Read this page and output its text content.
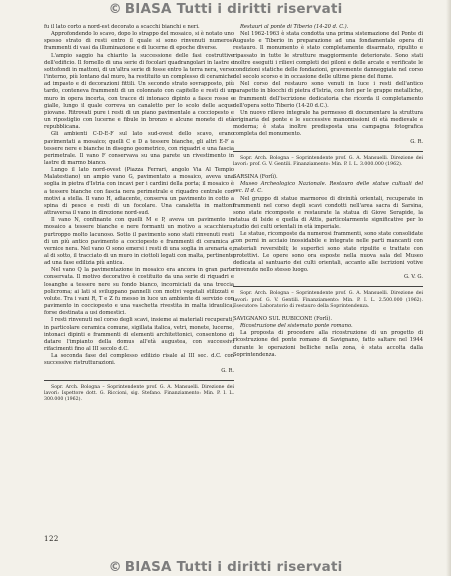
© BIASA Tutti i diritti riservati

fu il lato corto a nord-est decorato a scacchi bianchi e neri.

Approfondendo lo scavo, dopo lo strappo del mosaico, si è notato uno spesso strato di resti entro il quale si sono rinvenuti numerosi frammenti di vasi da illuminazione e di lucerne di epoche diverse.

L'ampio saggio ha chiarito la successione delle fasi costruttive dell'edificio. Il fornello di una serie di focolari quadrangolari in lastre e sottofondi in mattoni, di un'altra serie di fosse entro la terra nera, verso l'interno, più lontano dal muro, ha restituito un complesso di ceramiche ad impasto e di decorazioni fittili. Un secondo strato sovrapposto, più tardo, conteneva frammenti di un colonnato con capitello e resti di un muro in opera incerta, con tracce di intonaco dipinto a fasce rosse e gialle, lungo il quale correva un canaletto per lo scolo delle acque piovane. Ritrovati pure i resti di un piano pavimentale a cocciopesto e un ripostiglio con lucerne e fibule in bronzo e alcune monete di età repubblicana.

Gli ambienti C-D-E-F sul lato sud-ovest dello scavo, erano pavimentati a mosaico; quelli C e D a tessere bianche, gli altri E-F a tessere nere e bianche in disegno geometrico, con riquadri e una fascia perimetrale. Il vano F conservava su una parete un rivestimento in lastre di marmo bianco.

Lungo il lato nord-ovest (Piazza Ferrari, angolo Via Al Tempio Malatestiano) un ampio vano G, pavimentato a mosaico, aveva una soglia in pietra d'Istria con incavi per i cardini della porta; il mosaico è a tessere bianche con fascia nera perimetrale e riquadro centrale con motivi a stella. Il vano H, adiacente, conserva un pavimento in cotto a spina di pesce e resti di un focolare. Una canaletta in mattoni attraversa il vano in direzione nord-sud.

Il vano N, confinante con quelli M e P, aveva un pavimento in mosaico a tessere bianche e nere formanti un motivo a scacchiera, purtroppo molto lacunoso. Sotto il pavimento sono stati rinvenuti resti di un più antico pavimento a cocciopesto e frammenti di ceramica a vernice nera. Nel vano O sono emersi i resti di una soglia in arenaria e, al di sotto, il tracciato di un muro in ciottoli legati con malta, pertinente ad una fase edilizia più antica.

Nel vano Q la pavimentazione in mosaico era ancora in gran parte conservata. Il motivo decorativo è costituito da una serie di riquadri e losanghe a tessere nere su fondo bianco, incorniciati da una treccia policroma; ai lati si sviluppano pannelli con motivi vegetali stilizzati e volute. Tra i vani R, T e Z fu messo in luce un ambiente di servizio con pavimento in cocciopesto e una vaschetta rivestita in malta idraulica, forse destinata a usi domestici.

I resti rinvenuti nel corso degli scavi, insieme ai materiali recuperati, in particolare ceramica comune, sigillata italica, vetri, monete, lucerne, intonaci dipinti e frammenti di elementi architettonici, consentono di datare l'impianto della domus all'età augustea, con successivi rifacimenti fino al III secolo d.C.

La seconda fase del complesso edilizio risale al III sec. d.C. con successive ristrutturazioni.

G. R.

Sopr. Arch. Bologna – Soprintendente prof. G. A. Mansuelli. Direzione dei lavori: Ispettore dott. G. Riccioni, sig. Stefano. Finanziamento: Min. P. I. L. 300.000 (1962).

Restauri al ponte di Tiberio (14-20 d. C.).

Nel 1962-1963 è stata condotta una prima sistemazione del Ponte di Augusto e Tiberio in preparazione ad una fondamentale opera di restauro. Il monumento è stato completamente disarmato, ripulito e ripassato in tutte le strutture maggiormente deteriorate. Sono stati inoltre eseguiti i rilievi completi dei piloni e delle arcate e verificate le condizioni statiche delle fondazioni, gravemente danneggiate nel corso del secolo scorso e in occasione delle ultime piene del fiume.

Nel corso del restauro sono venuti in luce i resti dell'antico parapetto in blocchi di pietra d'Istria, con fori per le grappe metalliche, e frammenti dell'iscrizione dedicatoria che ricorda il completamento dell'opera sotto Tiberio (14-20 d.C.).

Un nuovo rilievo integrale ha permesso di documentare la struttura originaria del ponte e le successive manomissioni di età medievale e moderna; è stata inoltre predisposta una campagna fotografica completa del monumento.

G. R.

Sopr. Arch. Bologna – Soprintendente prof. G. A. Mansuelli. Direzione dei lavori: prof. G. V. Gentili. Finanziamento: Min. P. I. L. 3.000.000 (1962).

SARSINA (Forlì).

Museo Archeologico Nazionale. Restauro delle statue cultuali del sec. II d. C.

Nel gruppo di statue marmoree di divinità orientali, recuperate in frammenti nel corso degli scavi condotti nell'area sacra di Sarsina, sono state ricomposte e restaurate la statua di Giove Serapide, la statua di Iside e quella di Attis, particolarmente significative per lo studio dei culti orientali in età imperiale.

Le statue, ricomposte da numerosi frammenti, sono state consolidate con perni in acciaio inossidabile e integrate nelle parti mancanti con materiali reversibili; le superfici sono state ripulite e trattate con protettivi. Le opere sono ora esposte nella nuova sala del Museo dedicata al santuario dei culti orientali, accanto alle iscrizioni votive rinvenute nello stesso luogo.

G. V. G.

Sopr. Arch. Bologna – Soprintendente prof. G. A. Mansuelli. Direzione dei lavori: prof. G. V. Gentili. Finanziamento: Min. P. I. L. 2.500.000 (1962). Esecutore: Laboratorio di restauro della Soprintendenza.

SAVIGNANO SUL RUBICONE (Forlì).

Ricostruzione del sistemato ponte romano.

La proposta di procedere alla ricostruzione di un progetto di ricostruzione del ponte romano di Savignano, fatto saltare nel 1944 durante le operazioni belliche nella zona, è stata accolta dalla Soprintendenza.

122
© BIASA Tutti i diritti riservati
